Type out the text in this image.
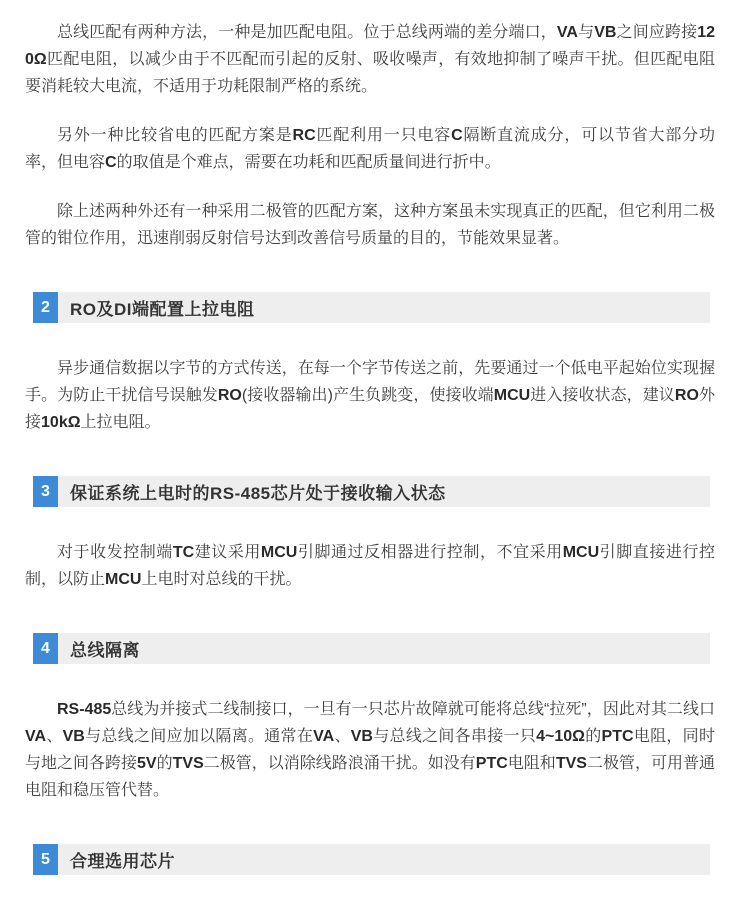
总线匹配有两种方法，一种是加匹配电阻。位于总线两端的差分端口，VA与VB之间应跨接120Ω匹配电阻，以减少由于不匹配而引起的反射、吸收噪声，有效地抑制了噪声干扰。但匹配电阻要消耗较大电流，不适用于功耗限制严格的系统。

另外一种比较省电的匹配方案是RC匹配利用一只电容C隔断直流成分，可以节省大部分功率，但电容C的取值是个难点，需要在功耗和匹配质量间进行折中。

除上述两种外还有一种采用二极管的匹配方案，这种方案虽未实现真正的匹配，但它利用二极管的钳位作用，迅速削弱反射信号达到改善信号质量的目的，节能效果显著。

2	RO及DI端配置上拉电阻

异步通信数据以字节的方式传送，在每一个字节传送之前，先要通过一个低电平起始位实现握手。为防止干扰信号误触发RO(接收器输出)产生负跳变，使接收端MCU进入接收状态，建议RO外接10kΩ上拉电阻。

3	保证系统上电时的RS-485芯片处于接收输入状态

对于收发控制端TC建议采用MCU引脚通过反相器进行控制，不宜采用MCU引脚直接进行控制，以防止MCU上电时对总线的干扰。

4	总线隔离

RS-485总线为并接式二线制接口，一旦有一只芯片故障就可能将总线“拉死”，因此对其二线口VA、VB与总线之间应加以隔离。通常在VA、VB与总线之间各串接一只4~10Ω的PTC电阻，同时与地之间各跨接5V的TVS二极管，以消除线路浪涌干扰。如没有PTC电阻和TVS二极管，可用普通电阻和稳压管代替。

5	合理选用芯片
